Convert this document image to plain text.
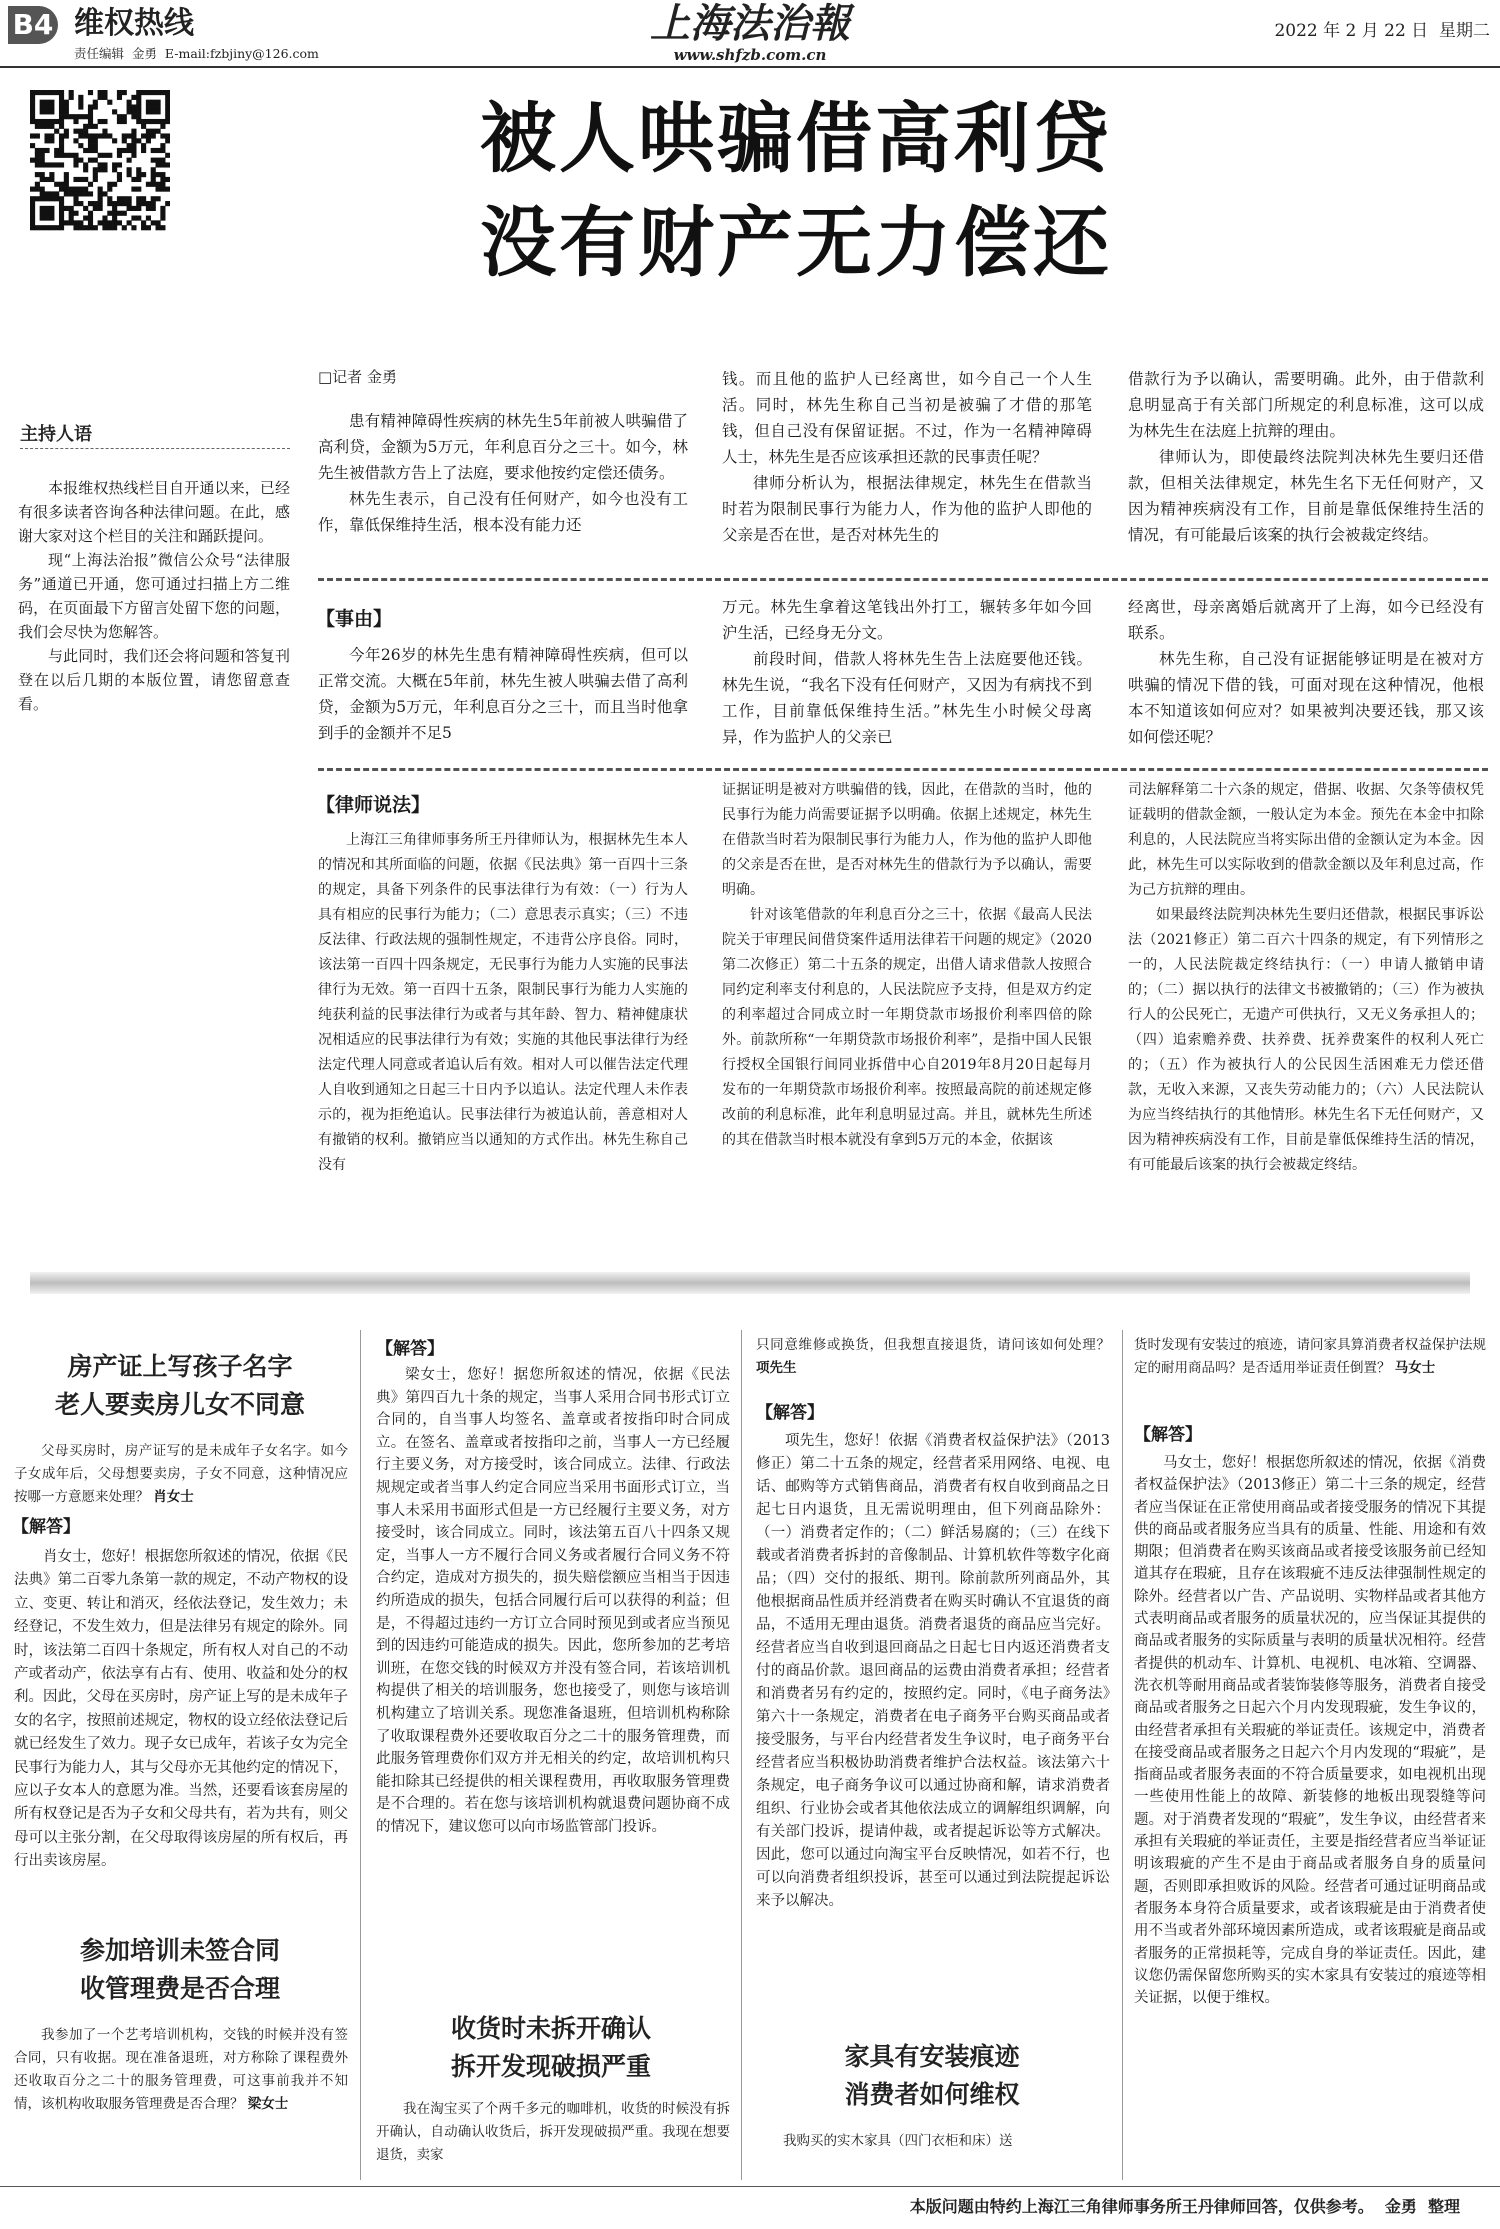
B4 维权热线
责任编辑  金勇  E-mail:fzbjiny@126.com
上海法治報
www.shfzb.com.cn
2022 年 2 月 22 日  星期二
被人哄骗借高利贷
没有财产无力偿还
主持人语

本报维权热线栏目自开通以来，已经有很多读者咨询各种法律问题。在此，感谢大家对这个栏目的关注和踊跃提问。

现“上海法治报”微信公众号“法律服务”通道已开通，您可通过扫描上方二维码，在页面最下方留言处留下您的问题，我们会尽快为您解答。

与此同时，我们还会将问题和答复刊登在以后几期的本版位置，请您留意查看。

□记者 金勇

患有精神障碍性疾病的林先生5年前被人哄骗借了高利贷，金额为5万元，年利息百分之三十。如今，林先生被借款方告上了法庭，要求他按约定偿还债务。

林先生表示，自己没有任何财产，如今也没有工作，靠低保维持生活，根本没有能力还

钱。而且他的监护人已经离世，如今自己一个人生活。同时，林先生称自己当初是被骗了才借的那笔钱，但自己没有保留证据。不过，作为一名精神障碍人士，林先生是否应该承担还款的民事责任呢？

律师分析认为，根据法律规定，林先生在借款当时若为限制民事行为能力人，作为他的监护人即他的父亲是否在世，是否对林先生的

借款行为予以确认，需要明确。此外，由于借款利息明显高于有关部门所规定的利息标准，这可以成为林先生在法庭上抗辩的理由。

律师认为，即使最终法院判决林先生要归还借款，但相关法律规定，林先生名下无任何财产，又因为精神疾病没有工作，目前是靠低保维持生活的情况，有可能最后该案的执行会被裁定终结。

【事由】

今年26岁的林先生患有精神障碍性疾病，但可以正常交流。大概在5年前，林先生被人哄骗去借了高利贷，金额为5万元，年利息百分之三十，而且当时他拿到手的金额并不足5

万元。林先生拿着这笔钱出外打工，辗转多年如今回沪生活，已经身无分文。

前段时间，借款人将林先生告上法庭要他还钱。林先生说，“我名下没有任何财产，又因为有病找不到工作，目前靠低保维持生活。”林先生小时候父母离异，作为监护人的父亲已

经离世，母亲离婚后就离开了上海，如今已经没有联系。

林先生称，自己没有证据能够证明是在被对方哄骗的情况下借的钱，可面对现在这种情况，他根本不知道该如何应对？如果被判决要还钱，那又该如何偿还呢？

【律师说法】

上海江三角律师事务所王丹律师认为，根据林先生本人的情况和其所面临的问题，依据《民法典》第一百四十三条的规定，具备下列条件的民事法律行为有效：（一）行为人具有相应的民事行为能力；（二）意思表示真实；（三）不违反法律、行政法规的强制性规定，不违背公序良俗。同时，该法第一百四十四条规定，无民事行为能力人实施的民事法律行为无效。第一百四十五条，限制民事行为能力人实施的纯获利益的民事法律行为或者与其年龄、智力、精神健康状况相适应的民事法律行为有效；实施的其他民事法律行为经法定代理人同意或者追认后有效。相对人可以催告法定代理人自收到通知之日起三十日内予以追认。法定代理人未作表示的，视为拒绝追认。民事法律行为被追认前，善意相对人有撤销的权利。撤销应当以通知的方式作出。林先生称自己没有

证据证明是被对方哄骗借的钱，因此，在借款的当时，他的民事行为能力尚需要证据予以明确。依据上述规定，林先生在借款当时若为限制民事行为能力人，作为他的监护人即他的父亲是否在世，是否对林先生的借款行为予以确认，需要明确。

针对该笔借款的年利息百分之三十，依据《最高人民法院关于审理民间借贷案件适用法律若干问题的规定》（2020第二次修正）第二十五条的规定，出借人请求借款人按照合同约定利率支付利息的，人民法院应予支持，但是双方约定的利率超过合同成立时一年期贷款市场报价利率四倍的除外。前款所称“一年期贷款市场报价利率”，是指中国人民银行授权全国银行间同业拆借中心自2019年8月20日起每月发布的一年期贷款市场报价利率。按照最高院的前述规定修改前的利息标准，此年利息明显过高。并且，就林先生所述的其在借款当时根本就没有拿到5万元的本金，依据该

司法解释第二十六条的规定，借据、收据、欠条等债权凭证载明的借款金额，一般认定为本金。预先在本金中扣除利息的，人民法院应当将实际出借的金额认定为本金。因此，林先生可以实际收到的借款金额以及年利息过高，作为己方抗辩的理由。

如果最终法院判决林先生要归还借款，根据民事诉讼法（2021修正）第二百六十四条的规定，有下列情形之一的，人民法院裁定终结执行：（一）申请人撤销申请的；（二）据以执行的法律文书被撤销的；（三）作为被执行人的公民死亡，无遗产可供执行，又无义务承担人的；（四）追索赡养费、扶养费、抚养费案件的权利人死亡的；（五）作为被执行人的公民因生活困难无力偿还借款，无收入来源，又丧失劳动能力的；（六）人民法院认为应当终结执行的其他情形。林先生名下无任何财产，又因为精神疾病没有工作，目前是靠低保维持生活的情况，有可能最后该案的执行会被裁定终结。

房产证上写孩子名字
老人要卖房儿女不同意

父母买房时，房产证写的是未成年子女名字。如今子女成年后，父母想要卖房，子女不同意，这种情况应按哪一方意愿来处理？ 肖女士

【解答】

肖女士，您好！根据您所叙述的情况，依据《民法典》第二百零九条第一款的规定，不动产物权的设立、变更、转让和消灭，经依法登记，发生效力；未经登记，不发生效力，但是法律另有规定的除外。同时，该法第二百四十条规定，所有权人对自己的不动产或者动产，依法享有占有、使用、收益和处分的权利。因此，父母在买房时，房产证上写的是未成年子女的名字，按照前述规定，物权的设立经依法登记后就已经发生了效力。现子女已成年，若该子女为完全民事行为能力人，其与父母亦无其他约定的情况下，应以子女本人的意愿为准。当然，还要看该套房屋的所有权登记是否为子女和父母共有，若为共有，则父母可以主张分割，在父母取得该房屋的所有权后，再行出卖该房屋。

参加培训未签合同
收管理费是否合理

我参加了一个艺考培训机构，交钱的时候并没有签合同，只有收据。现在准备退班，对方称除了课程费外还收取百分之二十的服务管理费，可这事前我并不知情，该机构收取服务管理费是否合理？ 梁女士

【解答】

梁女士，您好！据您所叙述的情况，依据《民法典》第四百九十条的规定，当事人采用合同书形式订立合同的，自当事人均签名、盖章或者按指印时合同成立。在签名、盖章或者按指印之前，当事人一方已经履行主要义务，对方接受时，该合同成立。法律、行政法规规定或者当事人约定合同应当采用书面形式订立，当事人未采用书面形式但是一方已经履行主要义务，对方接受时，该合同成立。同时，该法第五百八十四条又规定，当事人一方不履行合同义务或者履行合同义务不符合约定，造成对方损失的，损失赔偿额应当相当于因违约所造成的损失，包括合同履行后可以获得的利益；但是，不得超过违约一方订立合同时预见到或者应当预见到的因违约可能造成的损失。因此，您所参加的艺考培训班，在您交钱的时候双方并没有签合同，若该培训机构提供了相关的培训服务，您也接受了，则您与该培训机构建立了培训关系。现您准备退班，但培训机构称除了收取课程费外还要收取百分之二十的服务管理费，而此服务管理费你们双方并无相关的约定，故培训机构只能扣除其已经提供的相关课程费用，再收取服务管理费是不合理的。若在您与该培训机构就退费问题协商不成的情况下，建议您可以向市场监管部门投诉。

收货时未拆开确认
拆开发现破损严重

我在淘宝买了个两千多元的咖啡机，收货的时候没有拆开确认，自动确认收货后，拆开发现破损严重。我现在想要退货，卖家

只同意维修或换货，但我想直接退货，请问该如何处理？ 项先生

【解答】

项先生，您好！依据《消费者权益保护法》（2013修正）第二十五条的规定，经营者采用网络、电视、电话、邮购等方式销售商品，消费者有权自收到商品之日起七日内退货，且无需说明理由，但下列商品除外：（一）消费者定作的；（二）鲜活易腐的；（三）在线下载或者消费者拆封的音像制品、计算机软件等数字化商品；（四）交付的报纸、期刊。除前款所列商品外，其他根据商品性质并经消费者在购买时确认不宜退货的商品，不适用无理由退货。消费者退货的商品应当完好。经营者应当自收到退回商品之日起七日内返还消费者支付的商品价款。退回商品的运费由消费者承担；经营者和消费者另有约定的，按照约定。同时，《电子商务法》第六十一条规定，消费者在电子商务平台购买商品或者接受服务，与平台内经营者发生争议时，电子商务平台经营者应当积极协助消费者维护合法权益。该法第六十条规定，电子商务争议可以通过协商和解，请求消费者组织、行业协会或者其他依法成立的调解组织调解，向有关部门投诉，提请仲裁，或者提起诉讼等方式解决。因此，您可以通过向淘宝平台反映情况，如若不行，也可以向消费者组织投诉，甚至可以通过到法院提起诉讼来予以解决。

家具有安装痕迹
消费者如何维权

我购买的实木家具（四门衣柜和床）送

货时发现有安装过的痕迹，请问家具算消费者权益保护法规定的耐用商品吗？是否适用举证责任倒置？ 马女士

【解答】

马女士，您好！根据您所叙述的情况，依据《消费者权益保护法》（2013修正）第二十三条的规定，经营者应当保证在正常使用商品或者接受服务的情况下其提供的商品或者服务应当具有的质量、性能、用途和有效期限；但消费者在购买该商品或者接受该服务前已经知道其存在瑕疵，且存在该瑕疵不违反法律强制性规定的除外。经营者以广告、产品说明、实物样品或者其他方式表明商品或者服务的质量状况的，应当保证其提供的商品或者服务的实际质量与表明的质量状况相符。经营者提供的机动车、计算机、电视机、电冰箱、空调器、洗衣机等耐用商品或者装饰装修等服务，消费者自接受商品或者服务之日起六个月内发现瑕疵，发生争议的，由经营者承担有关瑕疵的举证责任。该规定中，消费者在接受商品或者服务之日起六个月内发现的“瑕疵”，是指商品或者服务表面的不符合质量要求，如电视机出现一些使用性能上的故障、新装修的地板出现裂缝等问题。对于消费者发现的“瑕疵”，发生争议，由经营者来承担有关瑕疵的举证责任，主要是指经营者应当举证证明该瑕疵的产生不是由于商品或者服务自身的质量问题，否则即承担败诉的风险。经营者可通过证明商品或者服务本身符合质量要求，或者该瑕疵是由于消费者使用不当或者外部环境因素所造成，或者该瑕疵是商品或者服务的正常损耗等，完成自身的举证责任。因此，建议您仍需保留您所购买的实木家具有安装过的痕迹等相关证据，以便于维权。

本版问题由特约上海江三角律师事务所王丹律师回答，仅供参考。  金勇  整理
